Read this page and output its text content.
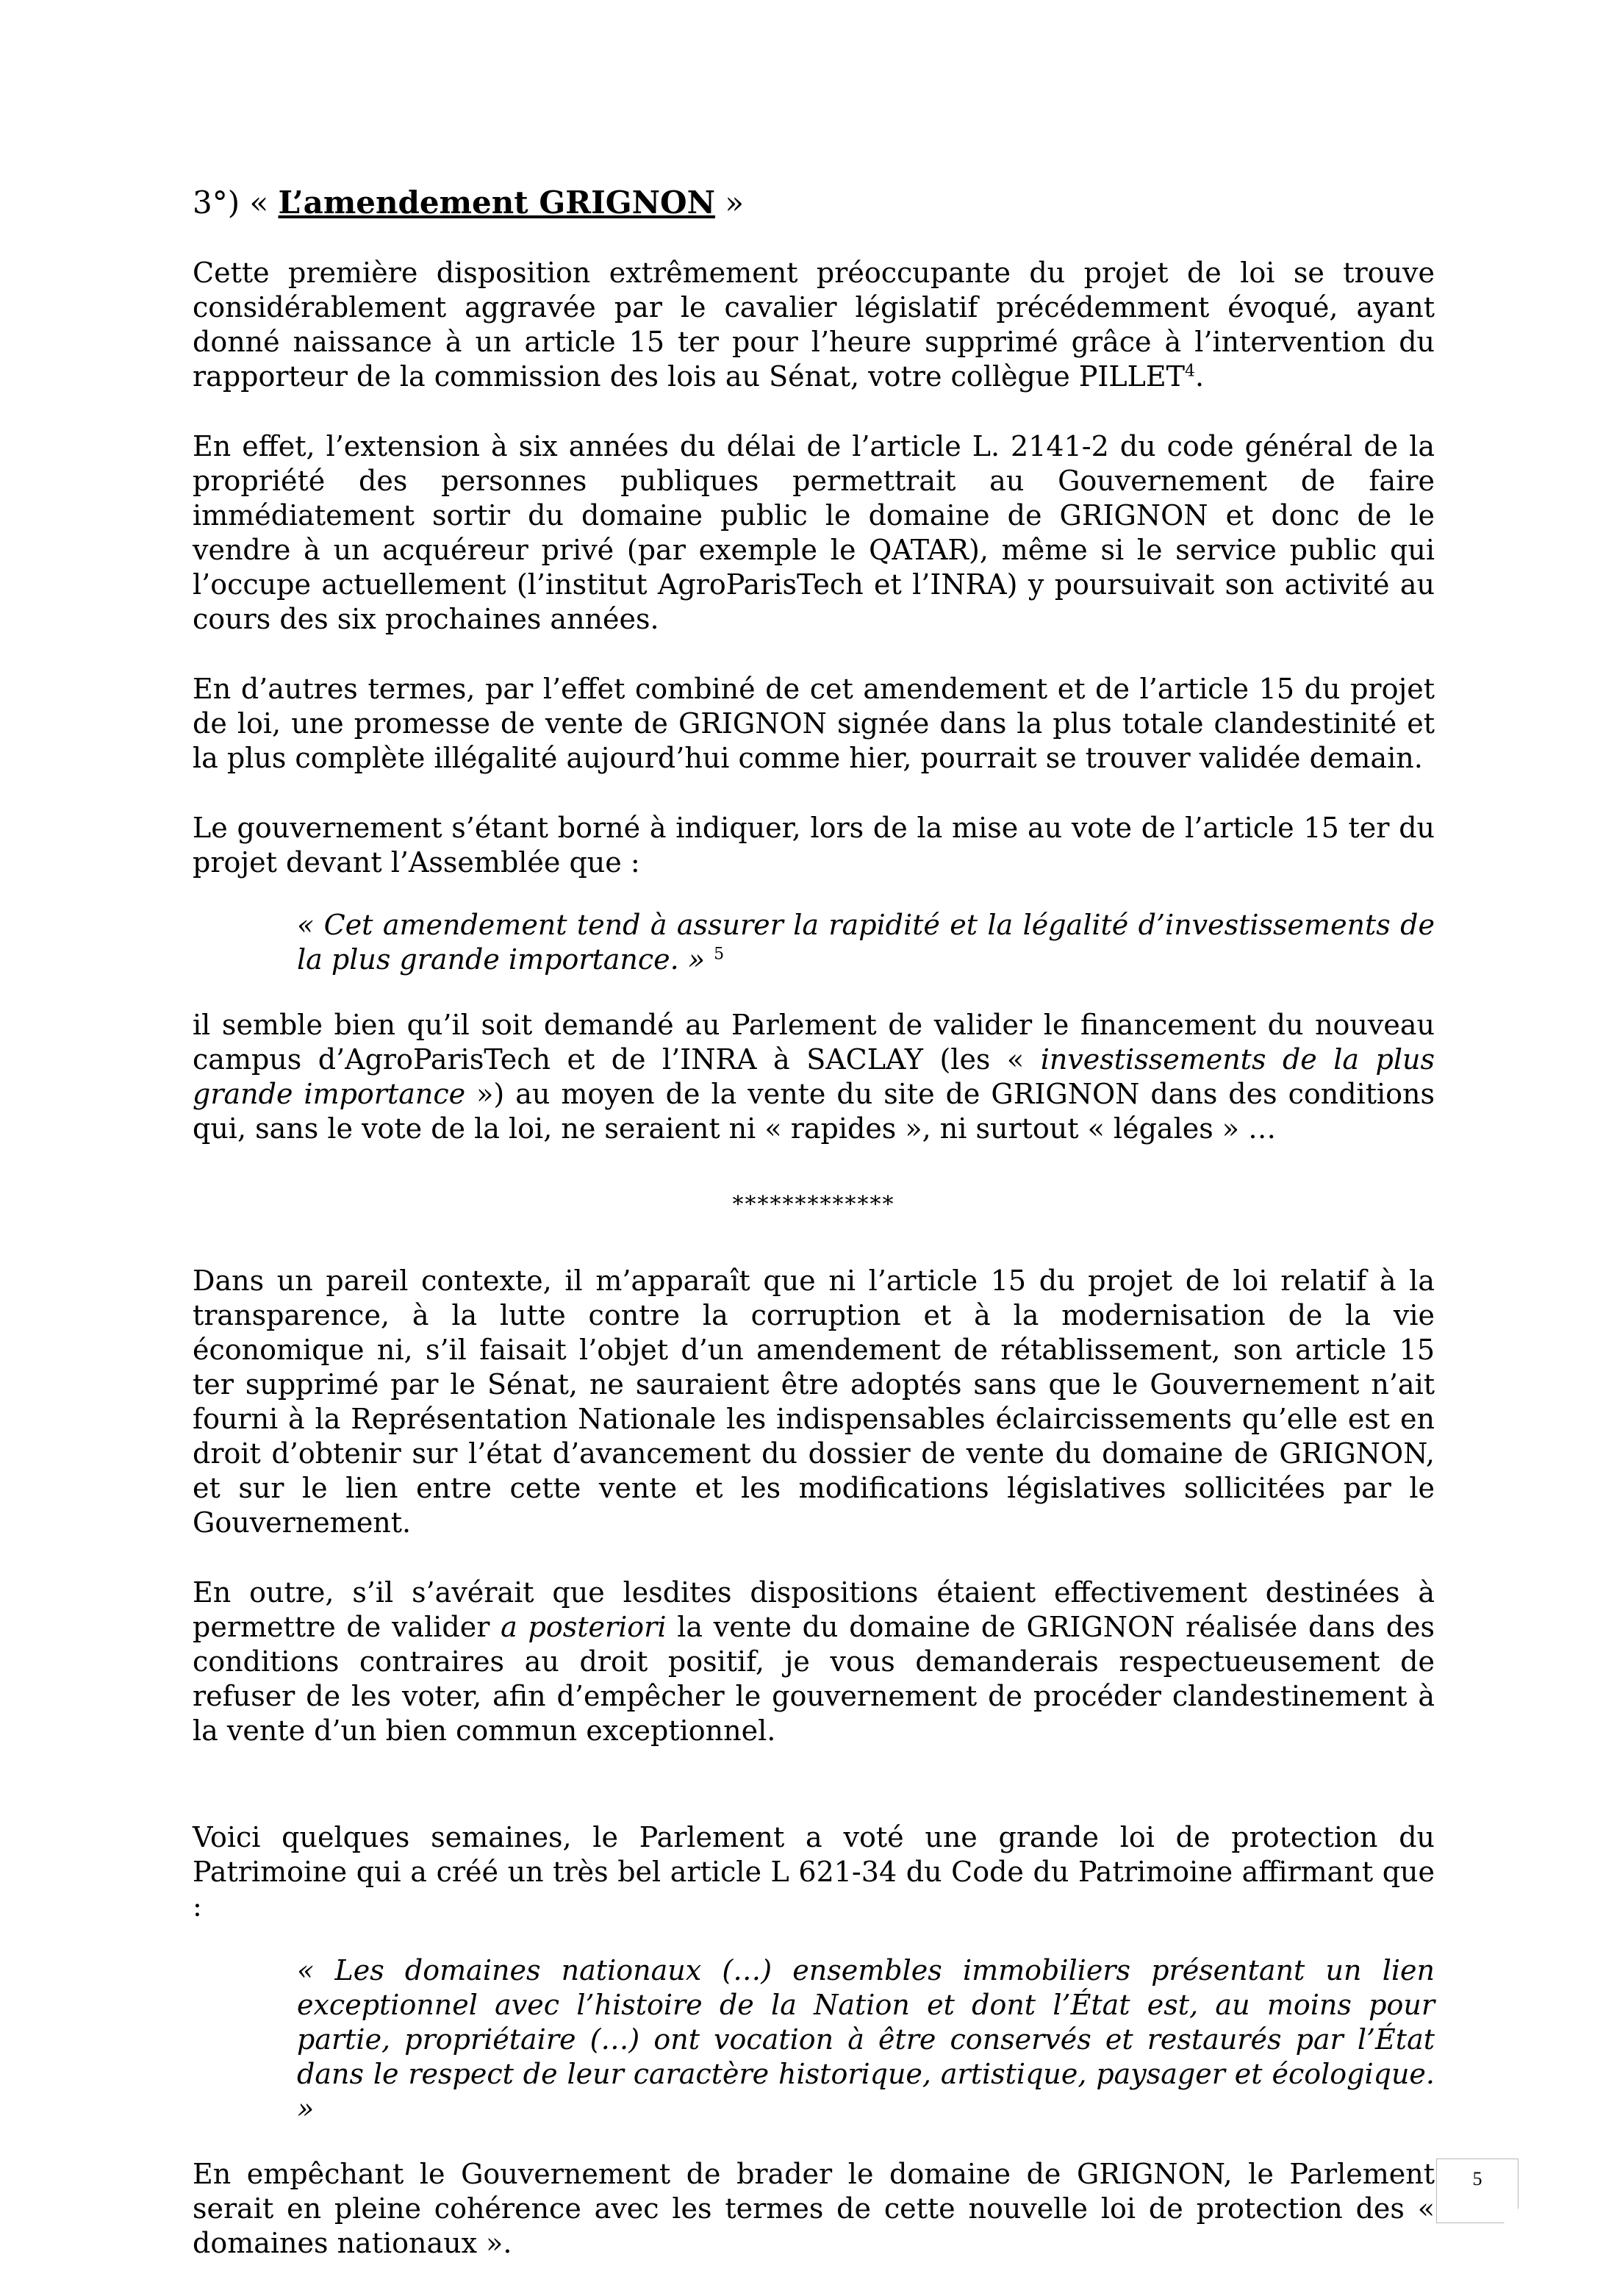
3°) « L’amendement GRIGNON »

Cette première disposition extrêmement préoccupante du projet de loi se trouve considérablement aggravée par le cavalier législatif précédemment évoqué, ayant donné naissance à un article 15 ter pour l’heure supprimé grâce à l’intervention du rapporteur de la commission des lois au Sénat, votre collègue PILLET$^4$.

En effet, l’extension à six années du délai de l’article L. 2141-2 du code général de la propriété des personnes publiques permettrait au Gouvernement de faire immédiatement sortir du domaine public le domaine de GRIGNON et donc de le vendre à un acquéreur privé (par exemple le QATAR), même si le service public qui l’occupe actuellement (l’institut AgroParisTech et l’INRA) y poursuivait son activité au cours des six prochaines années.

En d’autres termes, par l’effet combiné de cet amendement et de l’article 15 du projet de loi, une promesse de vente de GRIGNON signée dans la plus totale clandestinité et la plus complète illégalité aujourd’hui comme hier, pourrait se trouver validée demain.

Le gouvernement s’étant borné à indiquer, lors de la mise au vote de l’article 15 ter du projet devant l’Assemblée que :

« Cet amendement tend à assurer la rapidité et la légalité d’investissements de la plus grande importance. » $^5$

il semble bien qu’il soit demandé au Parlement de valider le financement du nouveau campus d’AgroParisTech et de l’INRA à SACLAY (les « investissements de la plus grande importance ») au moyen de la vente du site de GRIGNON dans des conditions qui, sans le vote de la loi, ne seraient ni « rapides », ni surtout « légales » …

*************

Dans un pareil contexte, il m’apparaît que ni l’article 15 du projet de loi relatif à la transparence, à la lutte contre la corruption et à la modernisation de la vie économique ni, s’il faisait l’objet d’un amendement de rétablissement, son article 15 ter supprimé par le Sénat, ne sauraient être adoptés sans que le Gouvernement n’ait fourni à la Représentation Nationale les indispensables éclaircissements qu’elle est en droit d’obtenir sur l’état d’avancement du dossier de vente du domaine de GRIGNON, et sur le lien entre cette vente et les modifications législatives sollicitées par le Gouvernement.

En outre, s’il s’avérait que lesdites dispositions étaient effectivement destinées à permettre de valider a posteriori la vente du domaine de GRIGNON réalisée dans des conditions contraires au droit positif, je vous demanderais respectueusement de refuser de les voter, afin d’empêcher le gouvernement de procéder clandestinement à la vente d’un bien commun exceptionnel.

Voici quelques semaines, le Parlement a voté une grande loi de protection du Patrimoine qui a créé un très bel article L 621-34 du Code du Patrimoine affirmant que :

« Les domaines nationaux (…) ensembles immobiliers présentant un lien exceptionnel avec l’histoire de la Nation et dont l’État est, au moins pour partie, propriétaire (…) ont vocation à être conservés et restaurés par l’État dans le respect de leur caractère historique, artistique, paysager et écologique. »

En empêchant le Gouvernement de brader le domaine de GRIGNON, le Parlement serait en pleine cohérence avec les termes de cette nouvelle loi de protection des « domaines nationaux ».

5
